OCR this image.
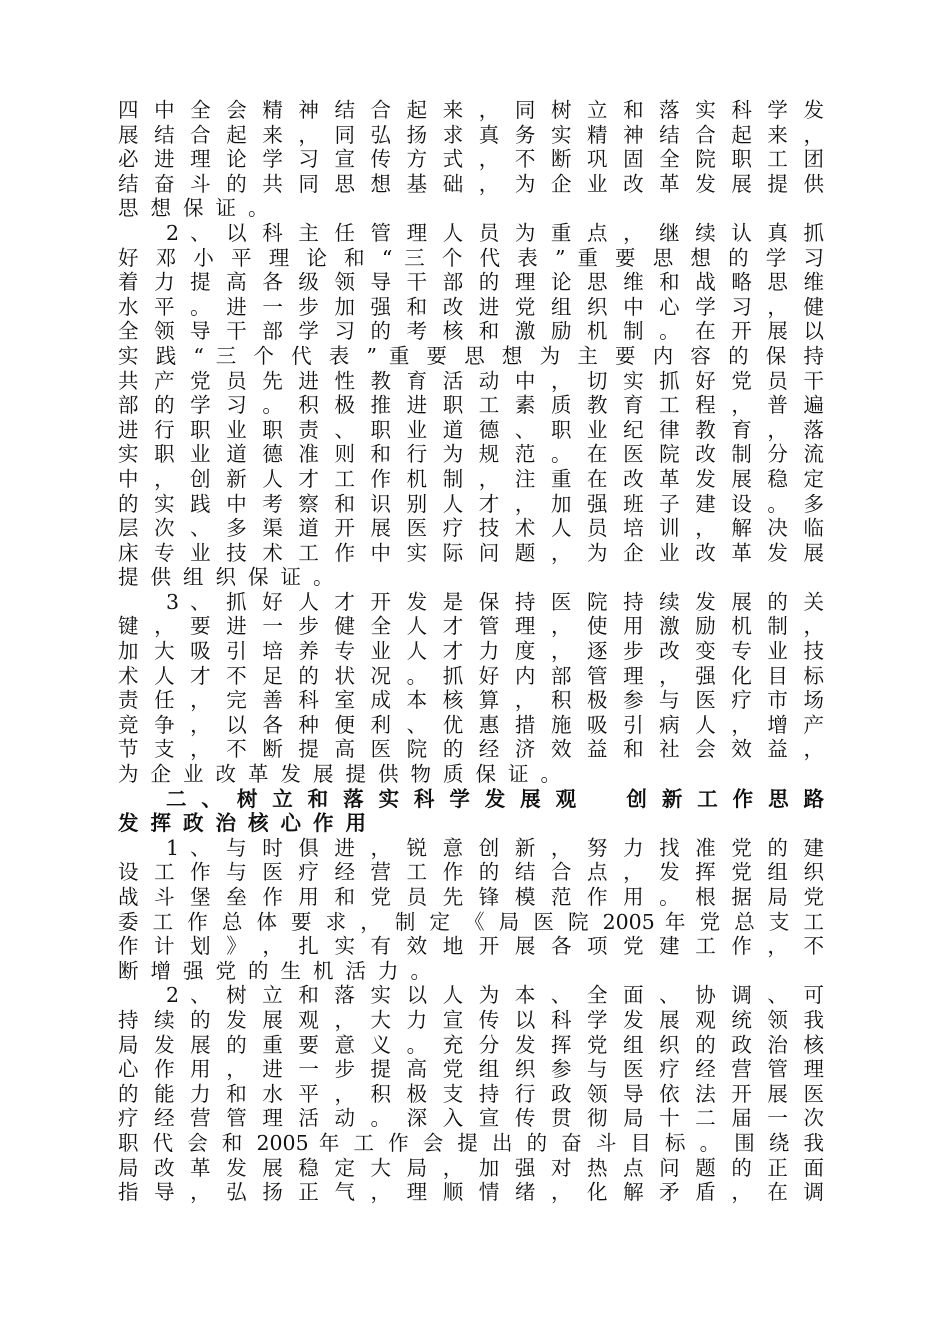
四 中 全 会 精 神 结 合 起 来 ， 同 树 立 和 落 实 科 学 发
展 结 合 起 来 ， 同 弘 扬 求 真 务 实 精 神 结 合 起 来 ，
必 进 理 论 学 习 宣 传 方 式 ， 不 断 巩 固 全 院 职 工 团
结 奋 斗 的 共 同 思 想 基 础 ， 为 企 业 改 革 发 展 提 供
思想保证。
2 、 以 科 主 任 管 理 人 员 为 重 点 ， 继 续 认 真 抓
好 邓 小 平 理 论 和 “ 三 个 代 表 ” 重 要 思 想 的 学 习
着 力 提 高 各 级 领 导 干 部 的 理 论 思 维 和 战 略 思 维
水 平 。 进 一 步 加 强 和 改 进 党 组 织 中 心 学 习 ， 健
全 领 导 干 部 学 习 的 考 核 和 激 励 机 制 。 在 开 展 以
实 践 “ 三 个 代 表 ” 重 要 思 想 为 主 要 内 容 的 保 持
共 产 党 员 先 进 性 教 育 活 动 中 ， 切 实 抓 好 党 员 干
部 的 学 习 。 积 极 推 进 职 工 素 质 教 育 工 程 ， 普 遍
进 行 职 业 职 责 、 职 业 道 德 、 职 业 纪 律 教 育 ， 落
实 职 业 道 德 准 则 和 行 为 规 范 。 在 医 院 改 制 分 流
中 ， 创 新 人 才 工 作 机 制 ， 注 重 在 改 革 发 展 稳 定
的 实 践 中 考 察 和 识 别 人 才 ， 加 强 班 子 建 设 。 多
层 次 、 多 渠 道 开 展 医 疗 技 术 人 员 培 训 ， 解 决 临
床 专 业 技 术 工 作 中 实 际 问 题 ， 为 企 业 改 革 发 展
提供组织保证。
3 、 抓 好 人 才 开 发 是 保 持 医 院 持 续 发 展 的 关
键 ， 要 进 一 步 健 全 人 才 管 理 ， 使 用 激 励 机 制 ，
加 大 吸 引 培 养 专 业 人 才 力 度 ， 逐 步 改 变 专 业 技
术 人 才 不 足 的 状 况 。 抓 好 内 部 管 理 ， 强 化 目 标
责 任 ， 完 善 科 室 成 本 核 算 ， 积 极 参 与 医 疗 市 场
竞 争 ， 以 各 种 便 利 、 优 惠 措 施 吸 引 病 人 ， 增 产
节 支 ， 不 断 提 高 医 院 的 经 济 效 益 和 社 会 效 益 ，
为企业改革发展提供物质保证。
二 、 树 立 和 落 实 科 学 发 展 观 　 创 新 工 作 思 路
发挥政治核心作用
1 、 与 时 俱 进 ， 锐 意 创 新 ， 努 力 找 准 党 的 建
设 工 作 与 医 疗 经 营 工 作 的 结 合 点 ， 发 挥 党 组 织
战 斗 堡 垒 作 用 和 党 员 先 锋 模 范 作 用 。 根 据 局 党
委 工 作 总 体 要 求 ， 制 定 《 局 医 院 2005 年 党 总 支 工
作 计 划 》 ， 扎 实 有 效 地 开 展 各 项 党 建 工 作 ， 不
断增强党的生机活力。
2 、 树 立 和 落 实 以 人 为 本 、 全 面 、 协 调 、 可
持 续 的 发 展 观 ， 大 力 宣 传 以 科 学 发 展 观 统 领 我
局 发 展 的 重 要 意 义 。 充 分 发 挥 党 组 织 的 政 治 核
心 作 用 ， 进 一 步 提 高 党 组 织 参 与 医 疗 经 营 管 理
的 能 力 和 水 平 ， 积 极 支 持 行 政 领 导 依 法 开 展 医
疗 经 营 管 理 活 动 。 深 入 宣 传 贯 彻 局 十 二 届 一 次
职 代 会 和 2005 年 工 作 会 提 出 的 奋 斗 目 标 。 围 绕 我
局 改 革 发 展 稳 定 大 局 ， 加 强 对 热 点 问 题 的 正 面
指 导 ， 弘 扬 正 气 ， 理 顺 情 绪 ， 化 解 矛 盾 ， 在 调
